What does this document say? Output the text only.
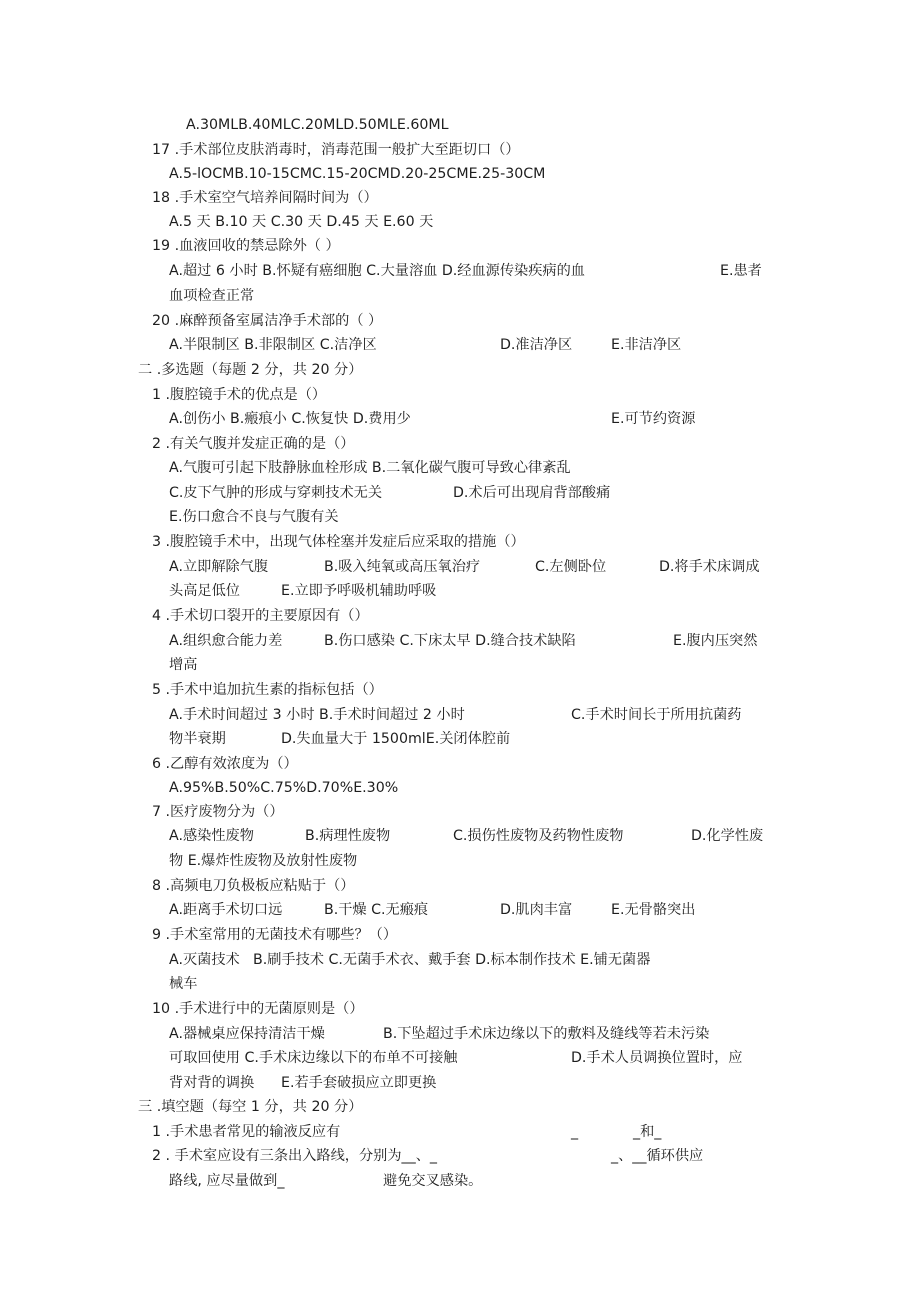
A.30MLB.40MLC.20MLD.50MLE.60ML
17 .手术部位皮肤消毒时，消毒范围一般扩大至距切口（）
A.5-lOCMB.10-15CMC.15-20CMD.20-25CME.25-30CM
18 .手术室空气培养间隔时间为（）
A.5 天 B.10 天 C.30 天 D.45 天 E.60 天
19 .血液回收的禁忌除外（ ）
A.超过 6 小时 B.怀疑有癌细胞 C.大量溶血 D.经血源传染疾病的血	E.患者
血项检查正常
20 .麻醉预备室属洁净手术部的（ ）
A.半限制区 B.非限制区 C.洁净区	D.准洁净区	E.非洁净区
二 .多选题（每题 2 分，共 20 分）
1 .腹腔镜手术的优点是（）
A.创伤小 B.瘢痕小 C.恢复快 D.费用少	E.可节约资源
2 .有关气腹并发症正确的是（）
A.气腹可引起下肢静脉血栓形成 B.二氧化碳气腹可导致心律紊乱
C.皮下气肿的形成与穿刺技术无关	D.术后可出现肩背部酸痛
E.伤口愈合不良与气腹有关
3 .腹腔镜手术中，出现气体栓塞并发症后应采取的措施（）
A.立即解除气腹	B.吸入纯氧或高压氧治疗	C.左侧卧位	D.将手术床调成
头高足低位	E.立即予呼吸机辅助呼吸
4 .手术切口裂开的主要原因有（）
A.组织愈合能力差	B.伤口感染 C.下床太早 D.缝合技术缺陷	E.腹内压突然
增高
5 .手术中追加抗生素的指标包括（）
A.手术时间超过 3 小时 B.手术时间超过 2 小时	C.手术时间长于所用抗菌药
物半衰期	D.失血量大于 1500mlE.关闭体腔前
6 .乙醇有效浓度为（）
A.95%B.50%C.75%D.70%E.30%
7 .医疗废物分为（）
A.感染性废物	B.病理性废物	C.损伤性废物及药物性废物	D.化学性废
物 E.爆炸性废物及放射性废物
8 .高频电刀负极板应粘贴于（）
A.距离手术切口远	B.干燥 C.无瘢痕	D.肌肉丰富	E.无骨骼突出
9 .手术室常用的无菌技术有哪些？（）
A.灭菌技术 B.刷手技术 C.无菌手术衣、戴手套 D.标本制作技术 E.铺无菌器
械车
10 .手术进行中的无菌原则是（）
A.器械桌应保持清洁干燥	B.下坠超过手术床边缘以下的敷料及缝线等若未污染
可取回使用 C.手术床边缘以下的布单不可接触	D.手术人员调换位置时，应
背对背的调换 E.若手套破损应立即更换
三 .填空题（每空 1 分，共 20 分）
1 .手术患者常见的输液反应有	_	_和_
2 . 手术室应设有三条出入路线，分别为__、_	_、__循环供应
路线, 应尽量做到_	避免交叉感染。
